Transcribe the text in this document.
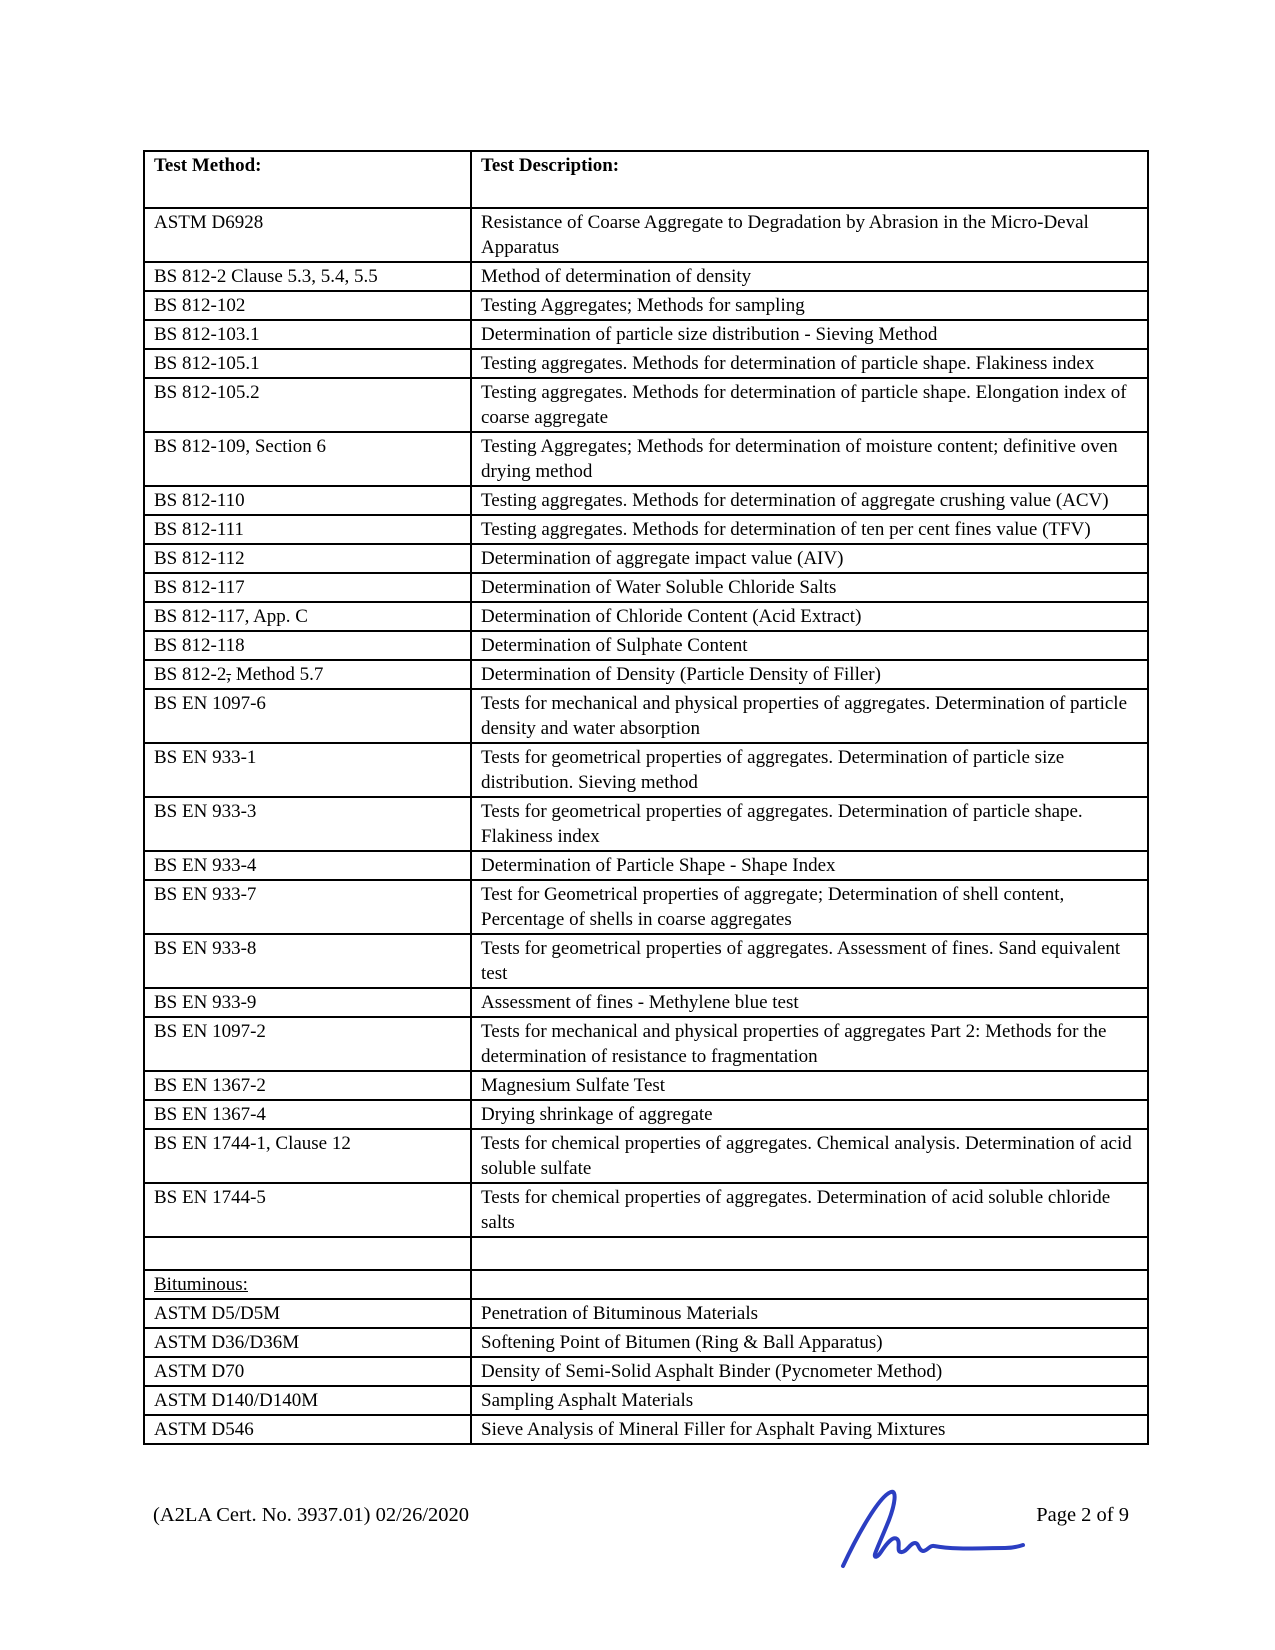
Test Method:	Test Description:
ASTM D6928	Resistance of Coarse Aggregate to Degradation by Abrasion in the Micro-Deval Apparatus
BS 812-2 Clause 5.3, 5.4, 5.5	Method of determination of density
BS 812-102	Testing Aggregates; Methods for sampling
BS 812-103.1	Determination of particle size distribution - Sieving Method
BS 812-105.1	Testing aggregates. Methods for determination of particle shape. Flakiness index
BS 812-105.2	Testing aggregates. Methods for determination of particle shape. Elongation index of coarse aggregate
BS 812-109, Section 6	Testing Aggregates; Methods for determination of moisture content; definitive oven drying method
BS 812-110	Testing aggregates. Methods for determination of aggregate crushing value (ACV)
BS 812-111	Testing aggregates. Methods for determination of ten per cent fines value (TFV)
BS 812-112	Determination of aggregate impact value (AIV)
BS 812-117	Determination of Water Soluble Chloride Salts
BS 812-117, App. C	Determination of Chloride Content (Acid Extract)
BS 812-118	Determination of Sulphate Content
BS 812-2, Method 5.7	Determination of Density (Particle Density of Filler)
BS EN 1097-6	Tests for mechanical and physical properties of aggregates. Determination of particle density and water absorption
BS EN 933-1	Tests for geometrical properties of aggregates. Determination of particle size distribution. Sieving method
BS EN 933-3	Tests for geometrical properties of aggregates. Determination of particle shape. Flakiness index
BS EN 933-4	Determination of Particle Shape - Shape Index
BS EN 933-7	Test for Geometrical properties of aggregate; Determination of shell content, Percentage of shells in coarse aggregates
BS EN 933-8	Tests for geometrical properties of aggregates. Assessment of fines. Sand equivalent test
BS EN 933-9	Assessment of fines - Methylene blue test
BS EN 1097-2	Tests for mechanical and physical properties of aggregates Part 2: Methods for the determination of resistance to fragmentation
BS EN 1367-2	Magnesium Sulfate Test
BS EN 1367-4	Drying shrinkage of aggregate
BS EN 1744-1, Clause 12	Tests for chemical properties of aggregates. Chemical analysis. Determination of acid soluble sulfate
BS EN 1744-5	Tests for chemical properties of aggregates. Determination of acid soluble chloride salts

Bituminous:	
ASTM D5/D5M	Penetration of Bituminous Materials
ASTM D36/D36M	Softening Point of Bitumen (Ring & Ball Apparatus)
ASTM D70	Density of Semi-Solid Asphalt Binder (Pycnometer Method)
ASTM D140/D140M	Sampling Asphalt Materials
ASTM D546	Sieve Analysis of Mineral Filler for Asphalt Paving Mixtures
(A2LA Cert. No. 3937.01) 02/26/2020	Page 2 of 9
